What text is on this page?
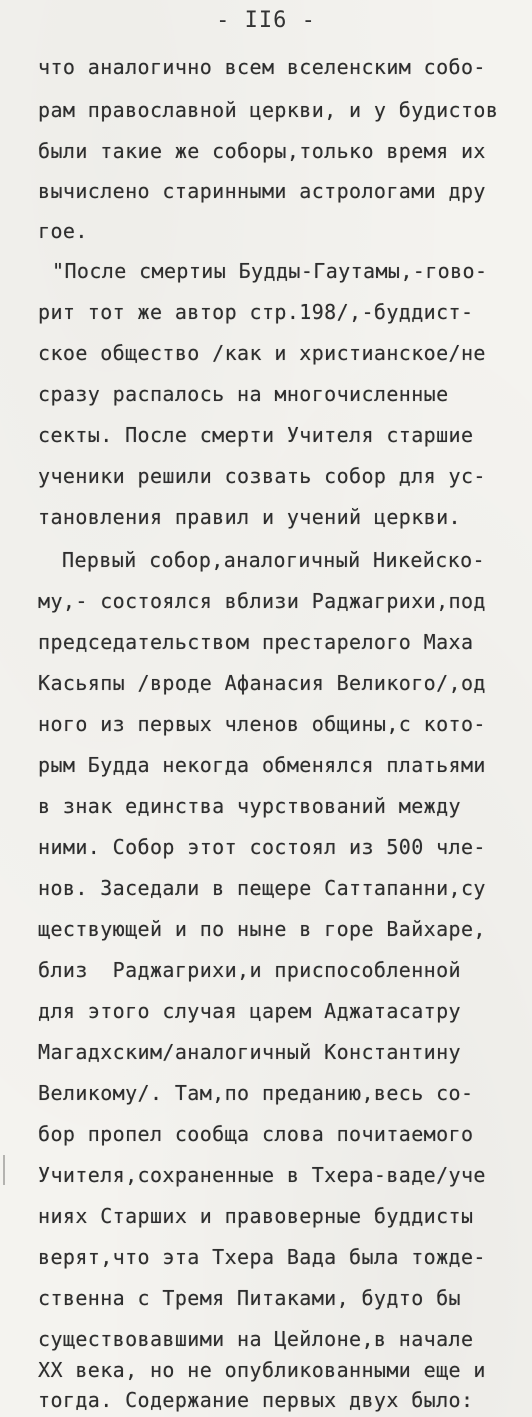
- II6 -
что аналогично всем вселенским собо-
рам православной церкви, и у будистов
были такие же соборы,только время их
вычислено старинными астрологами дру
гое.
"После смертиы Будды-Гаутамы,-гово-
рит тот же автор стр.198/,-буддист-
ское общество /как и христианское/не
сразу распалось на многочисленные
секты. После смерти Учителя старшие
ученики решили созвать собор для ус-
тановления правил и учений церкви.
Первый собор,аналогичный Никейско-
му,- состоялся вблизи Раджагрихи,под
председательством престарелого Маха
Касьяпы /вроде Афанасия Великого/,од
ного из первых членов общины,с кото-
рым Будда некогда обменялся платьями
в знак единства чурствований между
ними. Собор этот состоял из 500 чле-
нов. Заседали в пещере Саттапанни,су
ществующей и по ныне в горе Вайхаре,
близ  Раджагрихи,и приспособленной
для этого случая царем Аджатасатру
Магадхским/аналогичный Константину
Великому/. Там,по преданию,весь со-
бор пропел сообща слова почитаемого
Учителя,сохраненные в Тхера-ваде/уче
ниях Старших и правоверные буддисты
верят,что эта Тхера Вада была тожде-
ственна с Тремя Питаками, будто бы
существовавшими на Цейлоне,в начале
XX века, но не опубликованными еще и
тогда. Содержание первых двух было:
